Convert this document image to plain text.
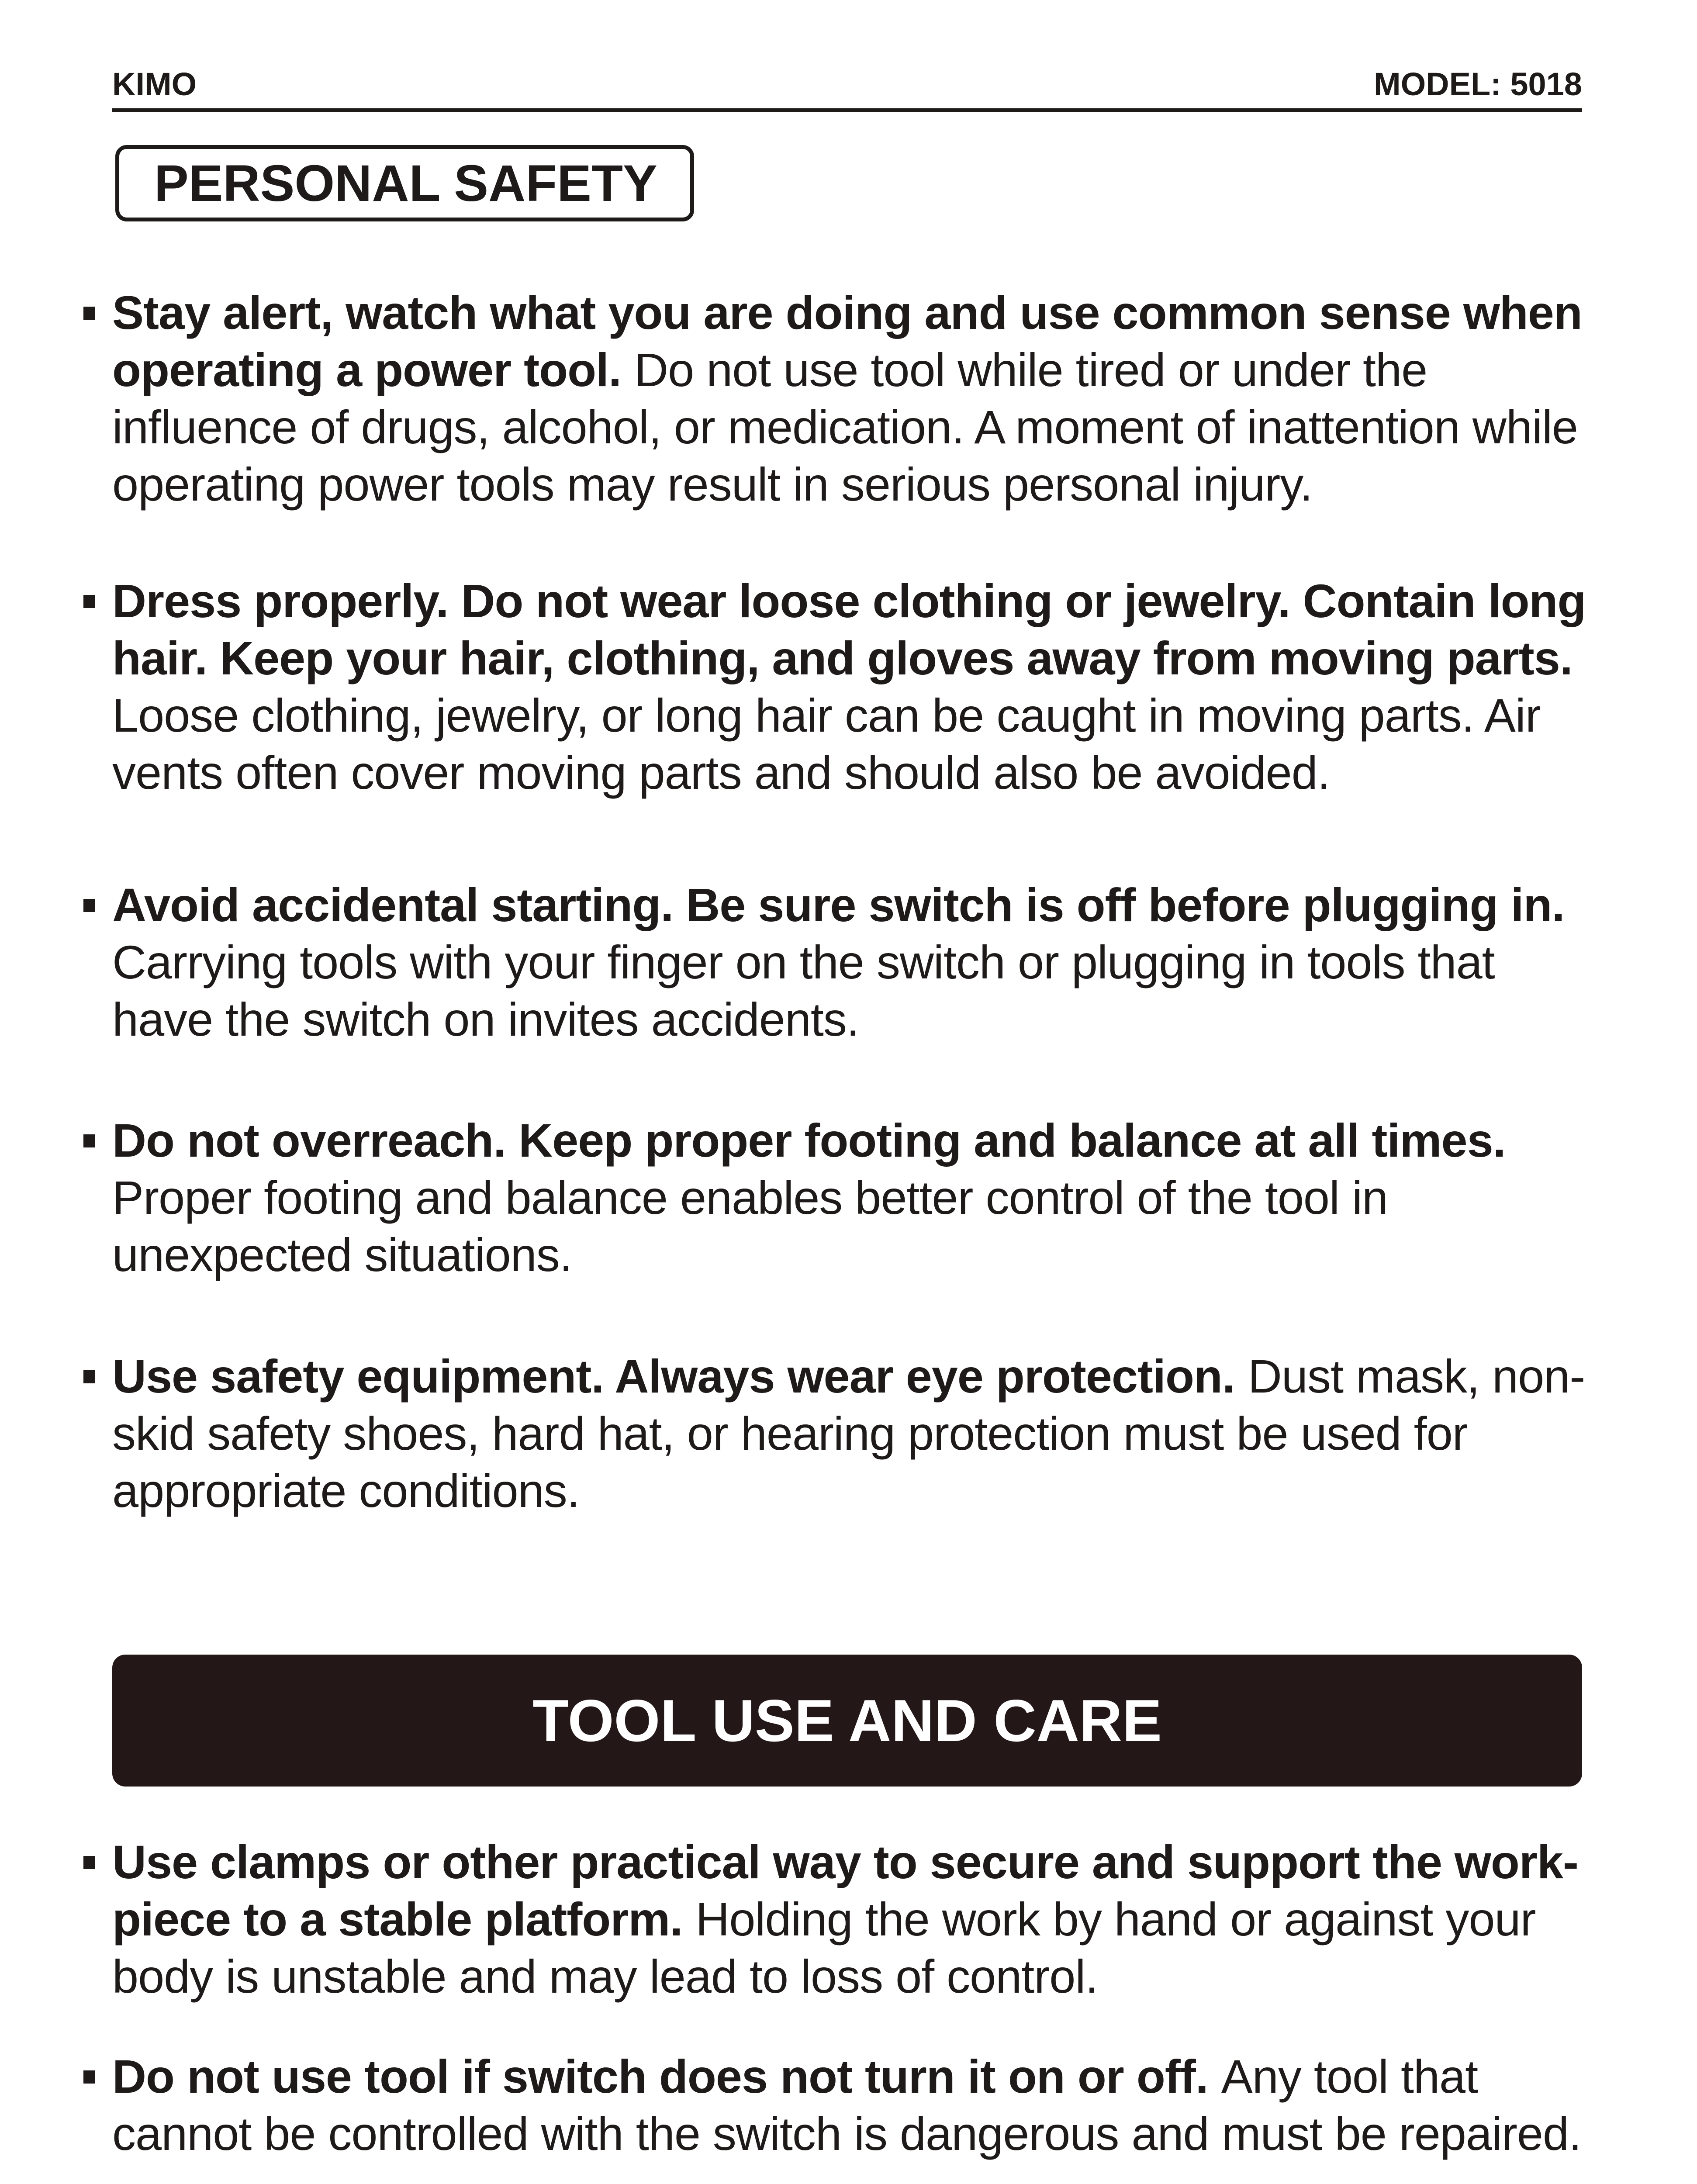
KIMO	MODEL: 5018
PERSONAL SAFETY
Stay alert, watch what you are doing and use common sense when operating a power tool. Do not use tool while tired or under the influence of drugs, alcohol, or medication. A moment of inattention while operating power tools may result in serious personal injury.
Dress properly. Do not wear loose clothing or jewelry. Contain long hair. Keep your hair, clothing, and gloves away from moving parts. Loose clothing, jewelry, or long hair can be caught in moving parts. Air vents often cover moving parts and should also be avoided.
Avoid accidental starting. Be sure switch is off before plugging in. Carrying tools with your finger on the switch or plugging in tools that have the switch on invites accidents.
Do not overreach. Keep proper footing and balance at all times. Proper footing and balance enables better control of the tool in unexpected situations.
Use safety equipment. Always wear eye protection. Dust mask, non-skid safety shoes, hard hat, or hearing protection must be used for appropriate conditions.
TOOL USE AND CARE
Use clamps or other practical way to secure and support the work-piece to a stable platform. Holding the work by hand or against your body is unstable and may lead to loss of control.
Do not use tool if switch does not turn it on or off. Any tool that cannot be controlled with the switch is dangerous and must be repaired.
